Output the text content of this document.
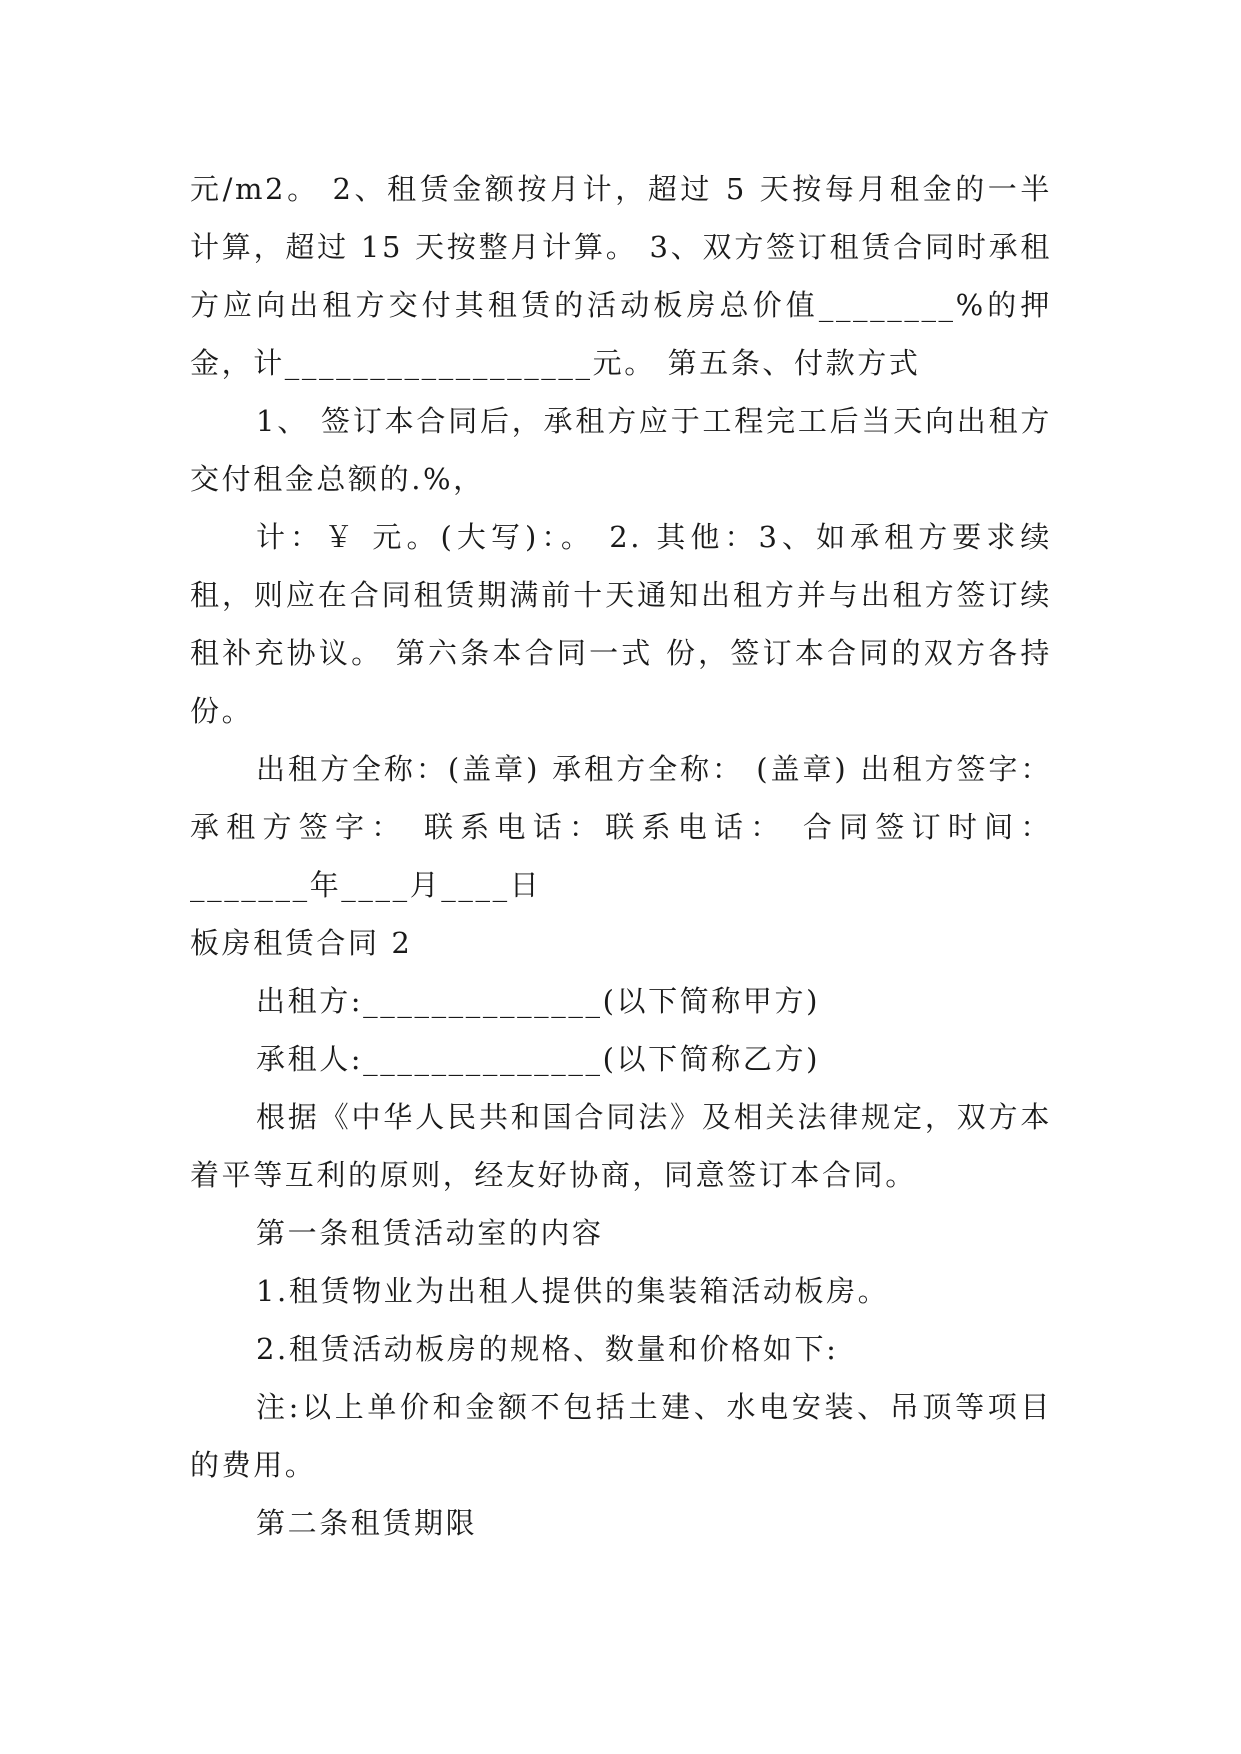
元/m2。 2、租赁金额按月计，超过 5 天按每月租金的一半计算，超过 15 天按整月计算。 3、双方签订租赁合同时承租方应向出租方交付其租赁的活动板房总价值________%的押金，计__________________元。 第五条、付款方式

1、 签订本合同后，承租方应于工程完工后当天向出租方交付租金总额的.%，

计：￥ 元。(大写)：。 2. 其他：3、如承租方要求续租，则应在合同租赁期满前十天通知出租方并与出租方签订续租补充协议。 第六条本合同一式 份，签订本合同的双方各持 份。

出租方全称：(盖章) 承租方全称： (盖章) 出租方签字： 承租方签字： 联系电话：联系电话： 合同签订时间：_______年____月____日

板房租赁合同 2

出租方:______________(以下简称甲方)

承租人:______________(以下简称乙方)

根据《中华人民共和国合同法》及相关法律规定，双方本着平等互利的原则，经友好协商，同意签订本合同。

第一条租赁活动室的内容

1.租赁物业为出租人提供的集装箱活动板房。

2.租赁活动板房的规格、数量和价格如下:

注:以上单价和金额不包括土建、水电安装、吊顶等项目的费用。

第二条租赁期限
